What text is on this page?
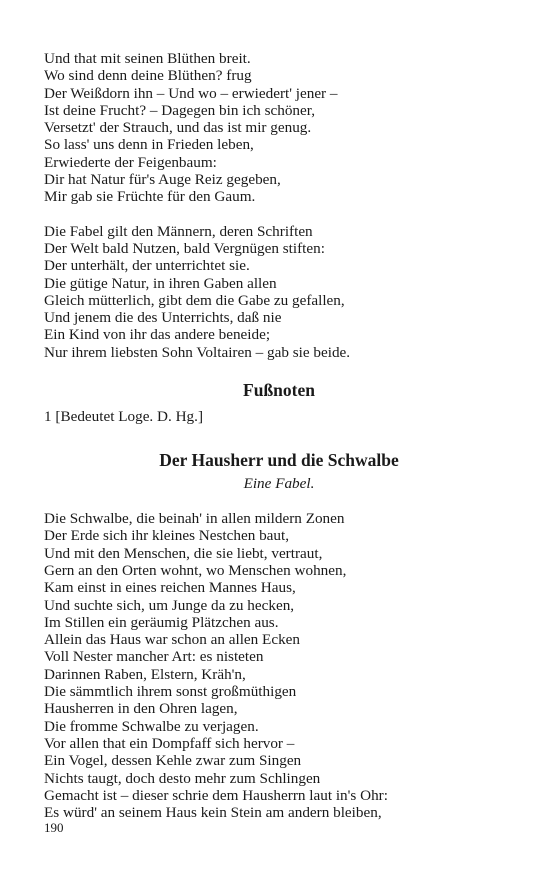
Und that mit seinen Blüthen breit.
Wo sind denn deine Blüthen? frug
Der Weißdorn ihn – Und wo – erwiedert' jener –
Ist deine Frucht? – Dagegen bin ich schöner,
Versetzt' der Strauch, und das ist mir genug.
So lass' uns denn in Frieden leben,
Erwiederte der Feigenbaum:
Dir hat Natur für's Auge Reiz gegeben,
Mir gab sie Früchte für den Gaum.
Die Fabel gilt den Männern, deren Schriften
Der Welt bald Nutzen, bald Vergnügen stiften:
Der unterhält, der unterrichtet sie.
Die gütige Natur, in ihren Gaben allen
Gleich mütterlich, gibt dem die Gabe zu gefallen,
Und jenem die des Unterrichts, daß nie
Ein Kind von ihr das andere beneide;
Nur ihrem liebsten Sohn Voltairen – gab sie beide.
Fußnoten
1 [Bedeutet Loge. D. Hg.]
Der Hausherr und die Schwalbe
Eine Fabel.
Die Schwalbe, die beinah' in allen mildern Zonen
Der Erde sich ihr kleines Nestchen baut,
Und mit den Menschen, die sie liebt, vertraut,
Gern an den Orten wohnt, wo Menschen wohnen,
Kam einst in eines reichen Mannes Haus,
Und suchte sich, um Junge da zu hecken,
Im Stillen ein geräumig Plätzchen aus.
Allein das Haus war schon an allen Ecken
Voll Nester mancher Art: es nisteten
Darinnen Raben, Elstern, Kräh'n,
Die sämmtlich ihrem sonst großmüthigen
Hausherren in den Ohren lagen,
Die fromme Schwalbe zu verjagen.
Vor allen that ein Dompfaff sich hervor –
Ein Vogel, dessen Kehle zwar zum Singen
Nichts taugt, doch desto mehr zum Schlingen
Gemacht ist – dieser schrie dem Hausherrn laut in's Ohr:
Es würd' an seinem Haus kein Stein am andern bleiben,
190
